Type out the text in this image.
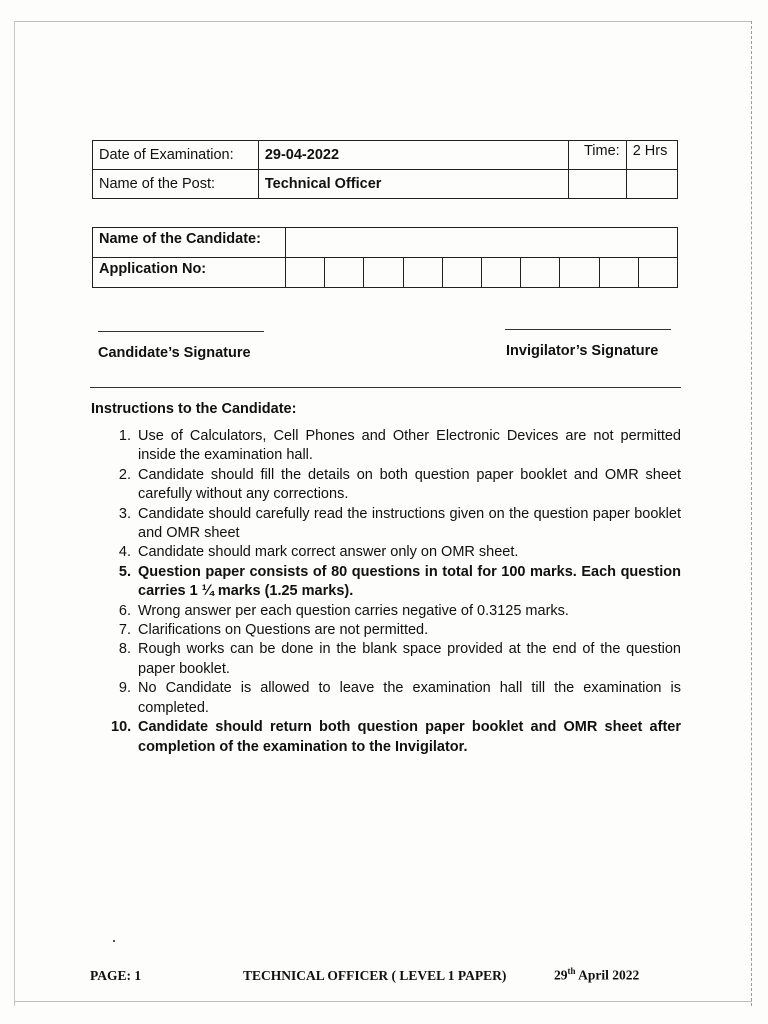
Date of Examination:	29-04-2022	Time:	2 Hrs
Name of the Post:	Technical Officer		
Name of the Candidate:										
Application No:										
Candidate’s Signature	Invigilator’s Signature
Instructions to the Candidate:
1. Use of Calculators, Cell Phones and Other Electronic Devices are not permitted inside the examination hall.
2. Candidate should fill the details on both question paper booklet and OMR sheet carefully without any corrections.
3. Candidate should carefully read the instructions given on the question paper booklet and OMR sheet
4. Candidate should mark correct answer only on OMR sheet.
5. Question paper consists of 80 questions in total for 100 marks. Each question carries 1 ¼ marks (1.25 marks).
6. Wrong answer per each question carries negative of 0.3125 marks.
7. Clarifications on Questions are not permitted.
8. Rough works can be done in the blank space provided at the end of the question paper booklet.
9. No Candidate is allowed to leave the examination hall till the examination is completed.
10. Candidate should return both question paper booklet and OMR sheet after completion of the examination to the Invigilator.
PAGE: 1	TECHNICAL OFFICER ( LEVEL 1 PAPER)	29th April 2022
